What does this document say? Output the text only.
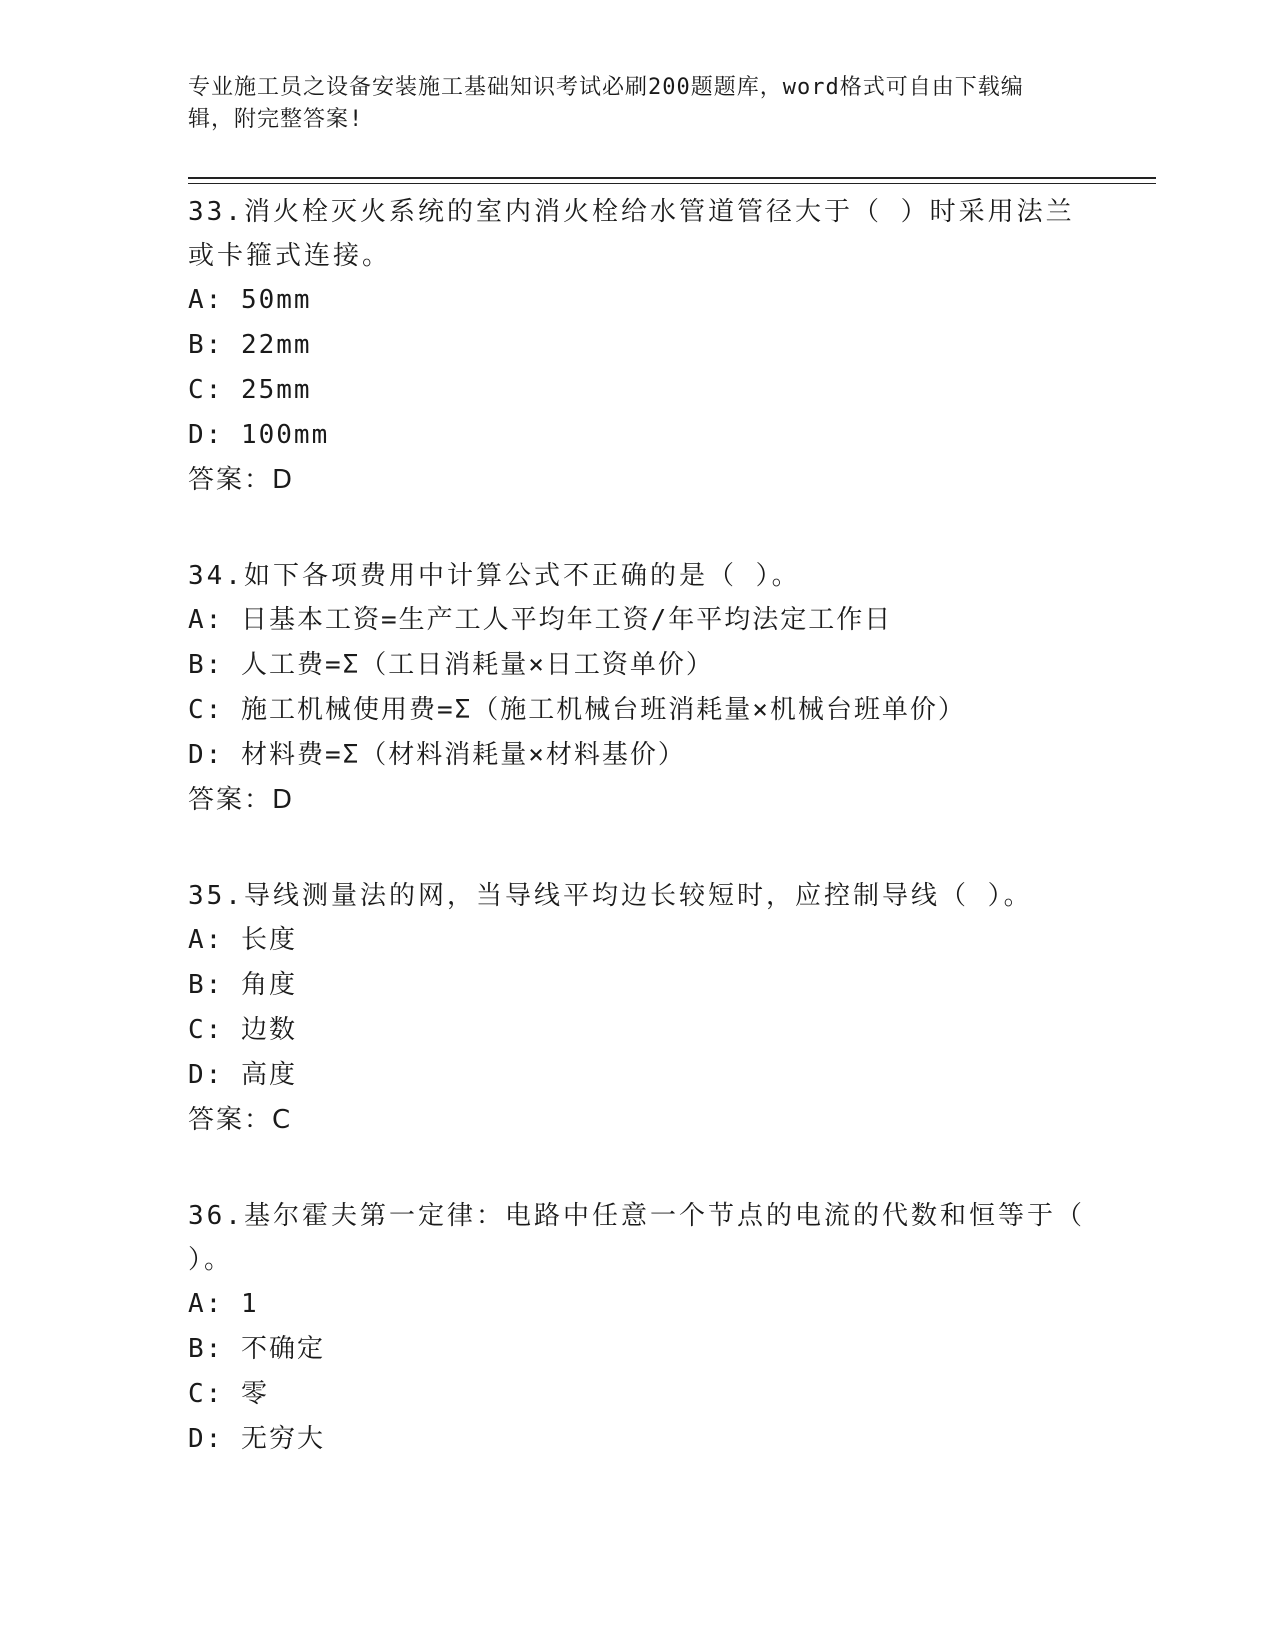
专业施工员之设备安装施工基础知识考试必刷200题题库，word格式可自由下载编辑，附完整答案!

33.消火栓灭火系统的室内消火栓给水管道管径大于（ ）时采用法兰或卡箍式连接。

A: 50mm

B: 22mm

C: 25mm

D: 100mm

答案：D

34.如下各项费用中计算公式不正确的是（ ）。

A: 日基本工资=生产工人平均年工资/年平均法定工作日

B: 人工费=Σ（工日消耗量×日工资单价）

C: 施工机械使用费=Σ（施工机械台班消耗量×机械台班单价）

D: 材料费=Σ（材料消耗量×材料基价）

答案：D

35.导线测量法的网，当导线平均边长较短时，应控制导线（ ）。

A: 长度

B: 角度

C: 边数

D: 高度

答案：C

36.基尔霍夫第一定律：电路中任意一个节点的电流的代数和恒等于（ ）。

A: 1

B: 不确定

C: 零

D: 无穷大
